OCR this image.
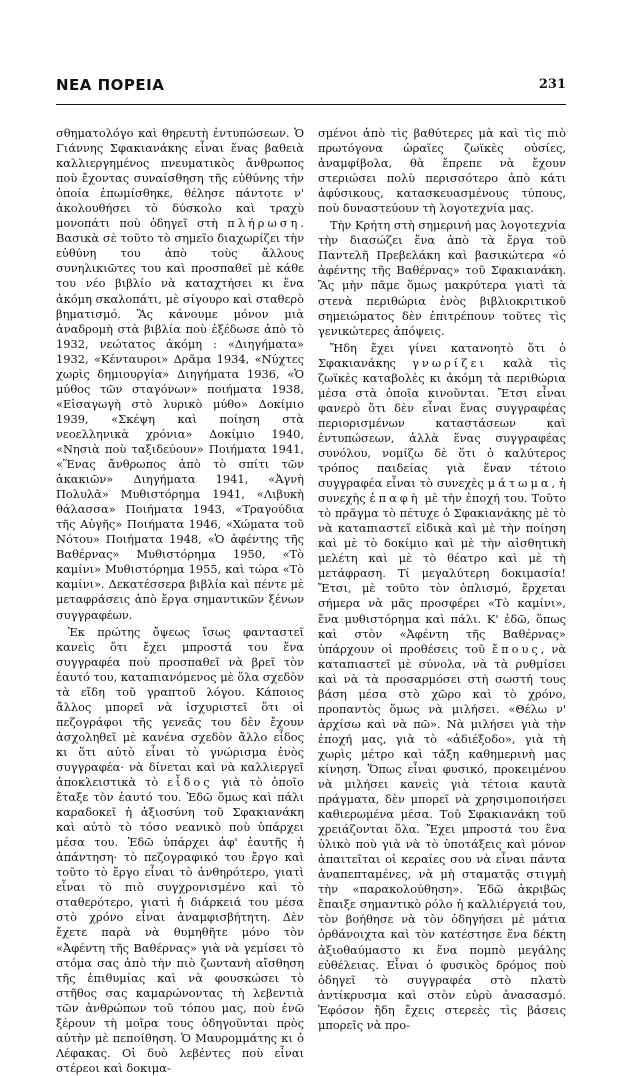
ΝΕΑ ΠΟΡΕΙΑ	231

σθηματολόγο καὶ θηρευτὴ ἐντυπώσεων. Ὁ Γιάννης Σφακιανάκης εἶναι ἕνας βαθειὰ καλλιεργημένος πνευματικὸς ἄνθρωπος ποὺ ἔχοντας συναίσθηση τῆς εὐθύνης τὴν ὁποία ἐπωμίσθηκε, θέλησε πάντοτε ν' ἀκολουθήσει τὸ δύσκολο καὶ τραχὺ μονοπάτι ποὺ ὁδηγεῖ στὴ πλήρωση. Βασικὰ σὲ τοῦτο τὸ σημεῖο διαχωρίζει τὴν εὐθύνη του ἀπὸ τοὺς ἄλλους συνηλικιῶτες του καὶ προσπαθεῖ μὲ κάθε του νέο βιβλίο νὰ καταχτήσει κι ἕνα ἀκόμη σκαλοπάτι, μὲ σίγουρο καὶ σταθερὸ βηματισμό. Ἂς κάνουμε μόνον μιὰ ἀναδρομὴ στὰ βιβλία ποὺ ἐξέδωσε ἀπὸ τὸ 1932, νεώτατος ἀκόμη : «Διηγήματα» 1932, «Κένταυροι» Δρᾶμα 1934, «Νύχτες χωρὶς δημιουργία» Διηγήματα 1936, «Ὁ μύθος τῶν σταγόνων» ποιήματα 1938, «Εἰσαγωγὴ στὸ λυρικὸ μύθο» Δοκίμιο 1939, «Σκέψη καὶ ποίηση στὰ νεοελληνικὰ χρόνια» Δοκίμιο 1940, «Νησιὰ ποὺ ταξιδεύουν» Ποιήματα 1941, «Ἕνας ἄνθρωπος ἀπὸ τὸ σπίτι τῶν ἀκακιῶν» Διηγήματα 1941, «Ἀγνὴ Πολυλᾶ» Μυθιστόρημα 1941, «Λιβυκὴ θάλασσα» Ποιήματα 1943, «Τραγούδια τῆς Αὐγῆς» Ποιήματα 1946, «Χώματα τοῦ Νότου» Ποιήματα 1948, «Ὁ ἀφέντης τῆς Βαθέρνας» Μυθιστόρημα 1950, «Τὸ καμίνι» Μυθιστόρημα 1955, καὶ τώρα «Τὸ καμίνι». Δεκατέσσερα βιβλία καὶ πέντε μὲ μεταφράσεις ἀπὸ ἔργα σημαντικῶν ξένων συγγραφέων.

Ἐκ πρώτης ὄψεως ἴσως φανταστεῖ κανεὶς ὅτι ἔχει μπροστά του ἕνα συγγραφέα ποὺ προσπαθεῖ νὰ βρεῖ τὸν ἑαυτό του, καταπιανόμενος μὲ ὅλα σχεδὸν τὰ εἴδη τοῦ γραπτοῦ λόγου. Κάποιος ἄλλος μπορεῖ νὰ ἰσχυριστεῖ ὅτι οἱ πεζογράφοι τῆς γενεᾶς του δὲν ἔχουν ἀσχοληθεῖ μὲ κανένα σχεδὸν ἄλλο εἶδος κι ὅτι αὐτὸ εἶναι τὸ γνώρισμα ἑνὸς συγγραφέα· νὰ δίνεται καὶ νὰ καλλιεργεῖ ἀποκλειστικὰ τὸ εἶδος γιὰ τὸ ὁποῖο ἔταξε τὸν ἑαυτό του. Ἐδῶ ὅμως καὶ πάλι καραδοκεῖ ἡ ἀξιοσύνη τοῦ Σφακιανάκη καὶ αὐτὸ τὸ τόσο νεανικὸ ποὺ ὑπάρχει μέσα του. Ἐδῶ ὑπάρχει ἀφ' ἑαυτῆς ἡ ἀπάντηση· τὸ πεζογραφικό του ἔργο καὶ τοῦτο τὸ ἔργο εἶναι τὸ ἀνθηρότερο, γιατὶ εἶναι τὸ πιὸ συγχρονισμένο καὶ τὸ σταθερότερο, γιατὶ ἡ διάρκειά του μέσα στὸ χρόνο εἶναι ἀναμφισβήτητη. Δὲν ἔχετε παρὰ νὰ θυμηθῆτε μόνο τὸν «Ἀφέντη τῆς Βαθέρνας» γιὰ νὰ γεμίσει τὸ στόμα σας ἀπὸ τὴν πιὸ ζωντανὴ αἴσθηση τῆς ἐπιθυμίας καὶ νὰ φουσκώσει τὸ στῆθος σας καμαρώνοντας τὴ λεβεντιὰ τῶν ἀνθρώπων τοῦ τόπου μας, ποὺ ἐνῶ ξέρουν τὴ μοῖρα τους ὁδηγοῦνται πρὸς αὐτὴν μὲ πεποίθηση. Ὁ Μαυρομμάτης κι ὁ Λέφακας. Οἱ δυὸ λεβέντες ποὺ εἶναι στέρεοι καὶ δοκιμα-

σμένοι ἀπὸ τὶς βαθύτερες μὰ καὶ τὶς πιὸ πρωτόγονα ὡραῖες ζωϊκὲς οὐσίες, ἀναμφίβολα, θὰ ἔπρεπε νὰ ἔχουν στεριώσει πολὺ περισσότερο ἀπὸ κάτι ἀφύσικους, κατασκευασμένους τύπους, ποὺ δυναστεύουν τὴ λογοτεχνία μας.

Τὴν Κρήτη στὴ σημερινή μας λογοτεχνία τὴν διασώζει ἕνα ἀπὸ τὰ ἔργα τοῦ Παντελῆ Πρεβελάκη καὶ βασικώτερα «ὁ ἀφέντης τῆς Βαθέρνας» τοῦ Σφακιανάκη. Ἂς μὴν πᾶμε ὅμως μακρύτερα γιατὶ τὰ στενὰ περιθώρια ἑνὸς βιβλιοκριτικοῦ σημειώματος δὲν ἐπιτρέπουν τοῦτες τὶς γενικώτερες ἀπόψεις.

Ἤδη ἔχει γίνει κατανοητὸ ὅτι ὁ Σφακιανάκης γνωρίζει καλὰ τὶς ζωϊκὲς καταβολὲς κι ἀκόμη τὰ περιθώρια μέσα στὰ ὁποῖα κινοῦνται. Ἔτσι εἶναι φανερὸ ὅτι δὲν εἶναι ἕνας συγγραφέας περιορισμένων καταστάσεων καὶ ἐντυπώσεων, ἀλλὰ ἕνας συγγραφέας συνόλου, νομίζω δὲ ὅτι ὁ καλύτερος τρόπος παιδείας γιὰ ἕναν τέτοιο συγγραφέα εἶναι τὸ συνεχὲς μάτωμα, ἡ συνεχὴς ἐπαφὴ μὲ τὴν ἐποχή του. Τοῦτο τὸ πρᾶγμα τὸ πέτυχε ὁ Σφακιανάκης μὲ τὸ νὰ καταπιαστεῖ εἰδικὰ καὶ μὲ τὴν ποίηση καὶ μὲ τὸ δοκίμιο καὶ μὲ τὴν αἰσθητικὴ μελέτη καὶ μὲ τὸ θέατρο καὶ μὲ τὴ μετάφραση. Τί μεγαλύτερη δοκιμασία! Ἔτσι, μὲ τοῦτο τὸν ὁπλισμό, ἔρχεται σήμερα νὰ μᾶς προσφέρει «Τὸ καμίνι», ἕνα μυθιστόρημα καὶ πάλι. Κ' ἐδῶ, ὅπως καὶ στὸν «Ἀφέντη τῆς Βαθέρνας» ὑπάρχουν οἱ προθέσεις τοῦ ἔπους, νὰ καταπιαστεῖ μὲ σύνολα, νὰ τὰ ρυθμίσει καὶ νὰ τὰ προσαρμόσει στὴ σωστή τους βάση μέσα στὸ χῶρο καὶ τὸ χρόνο, προπαντὸς ὅμως νὰ μιλήσει. «Θέλω ν' ἀρχίσω καὶ νὰ πῶ». Νὰ μιλήσει γιὰ τὴν ἐποχή μας, γιὰ τὸ «ἀδιέξοδο», γιὰ τὴ χωρὶς μέτρο καὶ τάξη καθημερινὴ μας κίνηση. Ὅπως εἶναι φυσικό, προκειμένου νὰ μιλήσει κανεὶς γιὰ τέτοια καυτὰ πράγματα, δὲν μπορεῖ νὰ χρησιμοποιήσει καθιερωμένα μέσα. Τοῦ Σφακιανάκη τοῦ χρειάζονται ὅλα. Ἔχει μπροστά του ἕνα ὑλικὸ ποὺ γιὰ νὰ τὸ ὑποτάξεις καὶ μόνον ἀπαιτεῖται οἱ κεραίες σου νὰ εἶναι πάντα ἀναπεπταμένες, νὰ μὴ σταματᾷς στιγμὴ τὴν «παρακολούθηση». Ἐδῶ ἀκριβῶς ἔπαιξε σημαντικὸ ρόλο ἡ καλλιέργειά του, τὸν βοήθησε νὰ τὸν ὁδηγήσει μὲ μάτια ὀρθάνοιχτα καὶ τὸν κατέστησε ἕνα δέκτη ἀξιοθαύμαστο κι ἕνα πομπὸ μεγάλης εὐθέλειας. Εἶναι ὁ φυσικὸς δρόμος ποὺ ὁδηγεῖ τὸ συγγραφέα στὸ πλατὺ ἀντίκρυσμα καὶ στὸν εὐρὺ ἀνασασμό. Ἐφόσον ἤδη ἔχεις στερεὲς τὶς βάσεις μπορεῖς νὰ προ-
